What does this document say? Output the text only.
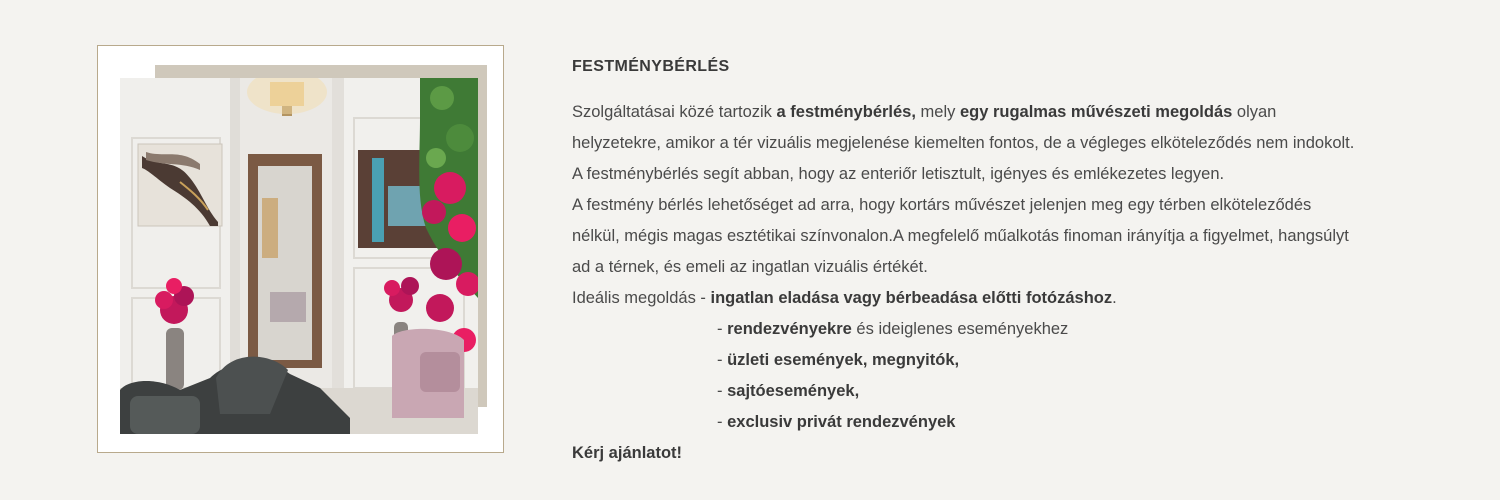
FESTMÉNYBÉRLÉS
Szolgáltatásai közé tartozik a festménybérlés, mely egy rugalmas művészeti megoldás olyan
helyzetekre, amikor a tér vizuális megjelenése kiemelten fontos, de a végleges elköteleződés nem indokolt.
A festménybérlés segít abban, hogy az enteriőr letisztult, igényes és emlékezetes legyen.
A festmény bérlés lehetőséget ad arra, hogy kortárs művészet jelenjen meg egy térben elköteleződés
nélkül, mégis magas esztétikai színvonalon.A megfelelő műalkotás finoman irányítja a figyelmet, hangsúlyt
ad a térnek, és emeli az ingatlan vizuális értékét.
Ideális megoldás - ingatlan eladása vagy bérbeadása előtti fotózáshoz.
- rendezvényekre és ideiglenes eseményekhez
- üzleti események, megnyitók,
- sajtóesemények,
- exclusiv privát rendezvények
Kérj ajánlatot!
